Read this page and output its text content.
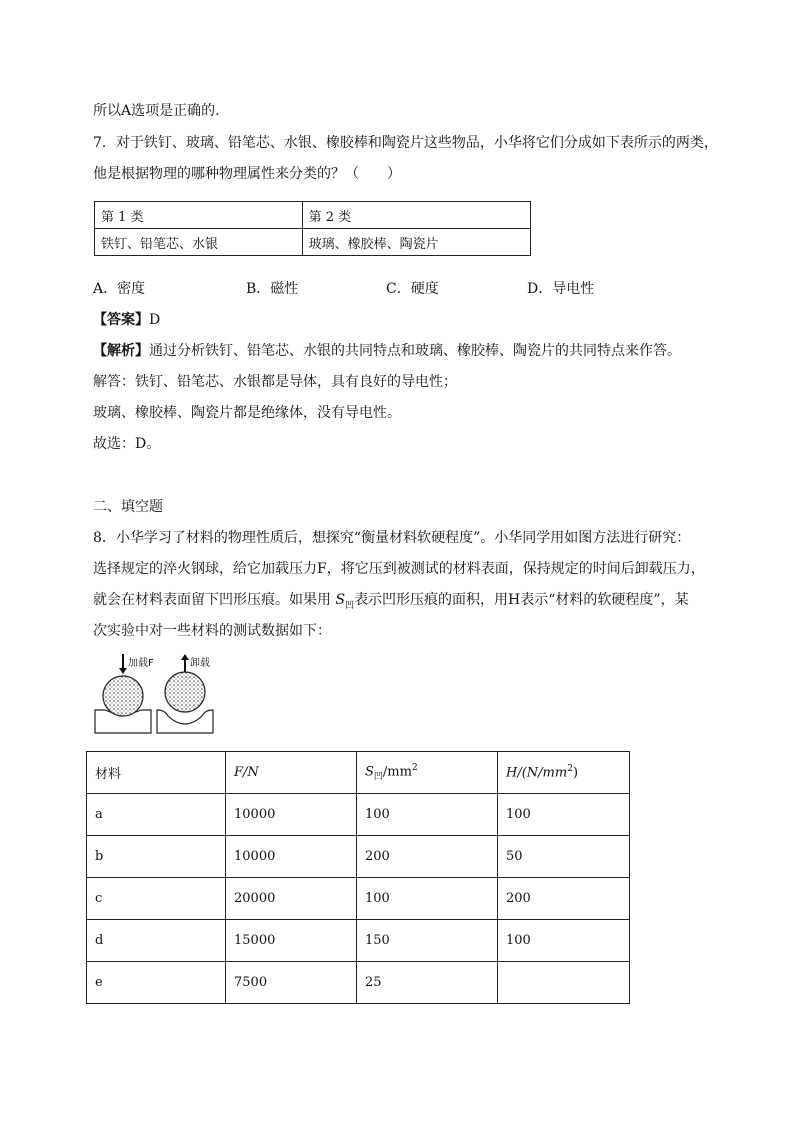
所以A选项是正确的.
7．对于铁钉、玻璃、铅笔芯、水银、橡胶棒和陶瓷片这些物品，小华将它们分成如下表所示的两类，
他是根据物理的哪种物理属性来分类的？（　　）
第 1 类	第 2 类
铁钉、铅笔芯、水银	玻璃、橡胶棒、陶瓷片
A．密度	B．磁性	C．硬度	D．导电性
【答案】D
【解析】通过分析铁钉、铅笔芯、水银的共同特点和玻璃、橡胶棒、陶瓷片的共同特点来作答。
解答：铁钉、铅笔芯、水银都是导体，具有良好的导电性；
玻璃、橡胶棒、陶瓷片都是绝缘体，没有导电性。
故选：D。
二、填空题
8．小华学习了材料的物理性质后，想探究“衡量材料软硬程度”。小华同学用如图方法进行研究：
选择规定的淬火钢球，给它加载压力F，将它压到被测试的材料表面，保持规定的时间后卸载压力，
就会在材料表面留下凹形压痕。如果用 $S_凹$表示凹形压痕的面积，用H表示“材料的软硬程度”，某
次实验中对一些材料的测试数据如下：
加载F	卸载
材料	F/N	$S_凹/mm^2$	$H/(N/mm^2)$
a	10000	100	100
b	10000	200	50
c	20000	100	200
d	15000	150	100
e	7500	25	
